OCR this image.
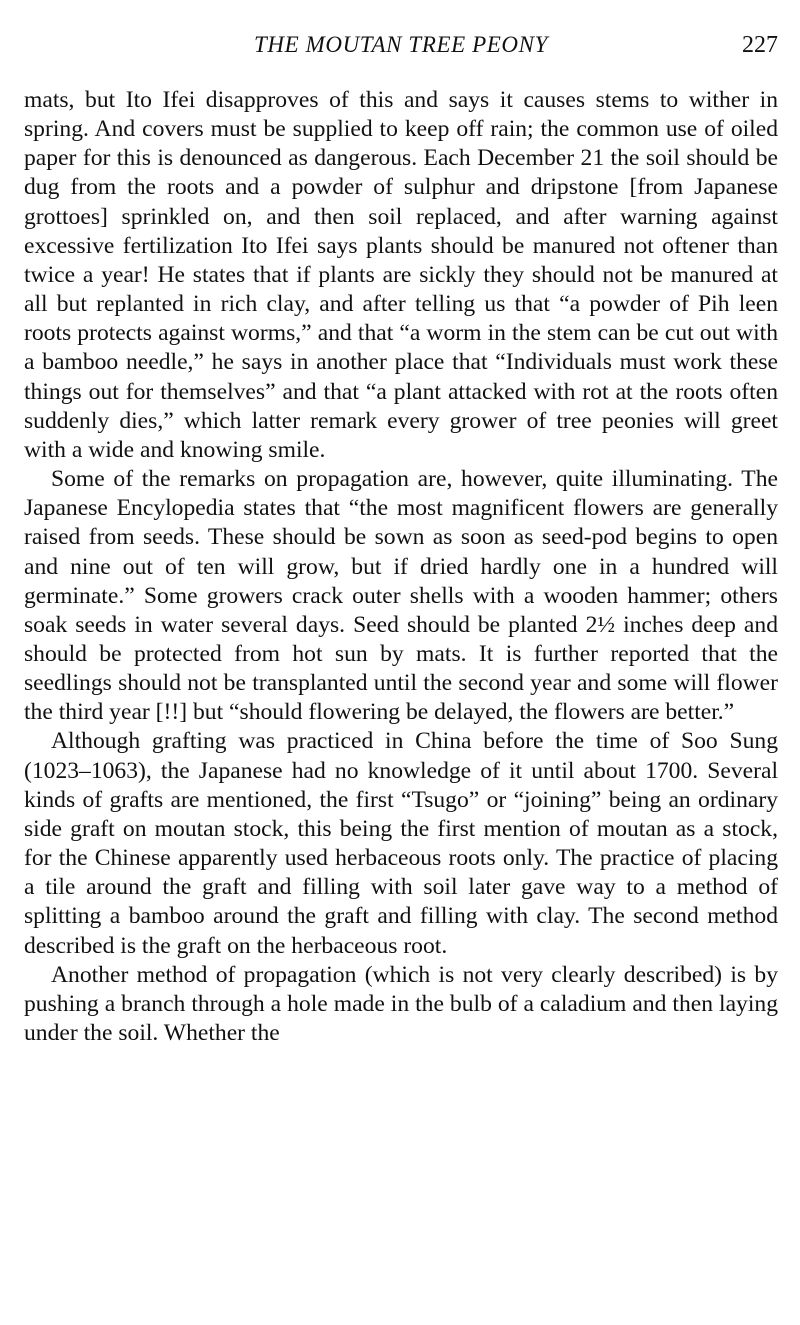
THE MOUTAN TREE PEONY	227

mats, but Ito Ifei disapproves of this and says it causes stems to wither in spring. And covers must be supplied to keep off rain; the common use of oiled paper for this is denounced as dangerous. Each December 21 the soil should be dug from the roots and a powder of sulphur and dripstone [from Japanese grottoes] sprinkled on, and then soil replaced, and after warning against excessive fertilization Ito Ifei says plants should be manured not oftener than twice a year! He states that if plants are sickly they should not be manured at all but replanted in rich clay, and after telling us that “a powder of Pih leen roots protects against worms,” and that “a worm in the stem can be cut out with a bamboo needle,” he says in another place that “Individuals must work these things out for themselves” and that “a plant attacked with rot at the roots often suddenly dies,” which latter remark every grower of tree peonies will greet with a wide and knowing smile.

Some of the remarks on propagation are, however, quite illuminating. The Japanese Encylopedia states that “the most magnificent flowers are generally raised from seeds. These should be sown as soon as seed-pod begins to open and nine out of ten will grow, but if dried hardly one in a hundred will germinate.” Some growers crack outer shells with a wooden hammer; others soak seeds in water several days. Seed should be planted 2½ inches deep and should be protected from hot sun by mats. It is further reported that the seedlings should not be transplanted until the second year and some will flower the third year [!!] but “should flowering be delayed, the flowers are better.”

Although grafting was practiced in China before the time of Soo Sung (1023–1063), the Japanese had no knowledge of it until about 1700. Several kinds of grafts are mentioned, the first “Tsugo” or “joining” being an ordinary side graft on moutan stock, this being the first mention of moutan as a stock, for the Chinese apparently used herbaceous roots only. The practice of placing a tile around the graft and filling with soil later gave way to a method of splitting a bamboo around the graft and filling with clay. The second method described is the graft on the herbaceous root.

Another method of propagation (which is not very clearly described) is by pushing a branch through a hole made in the bulb of a caladium and then laying under the soil. Whether the
